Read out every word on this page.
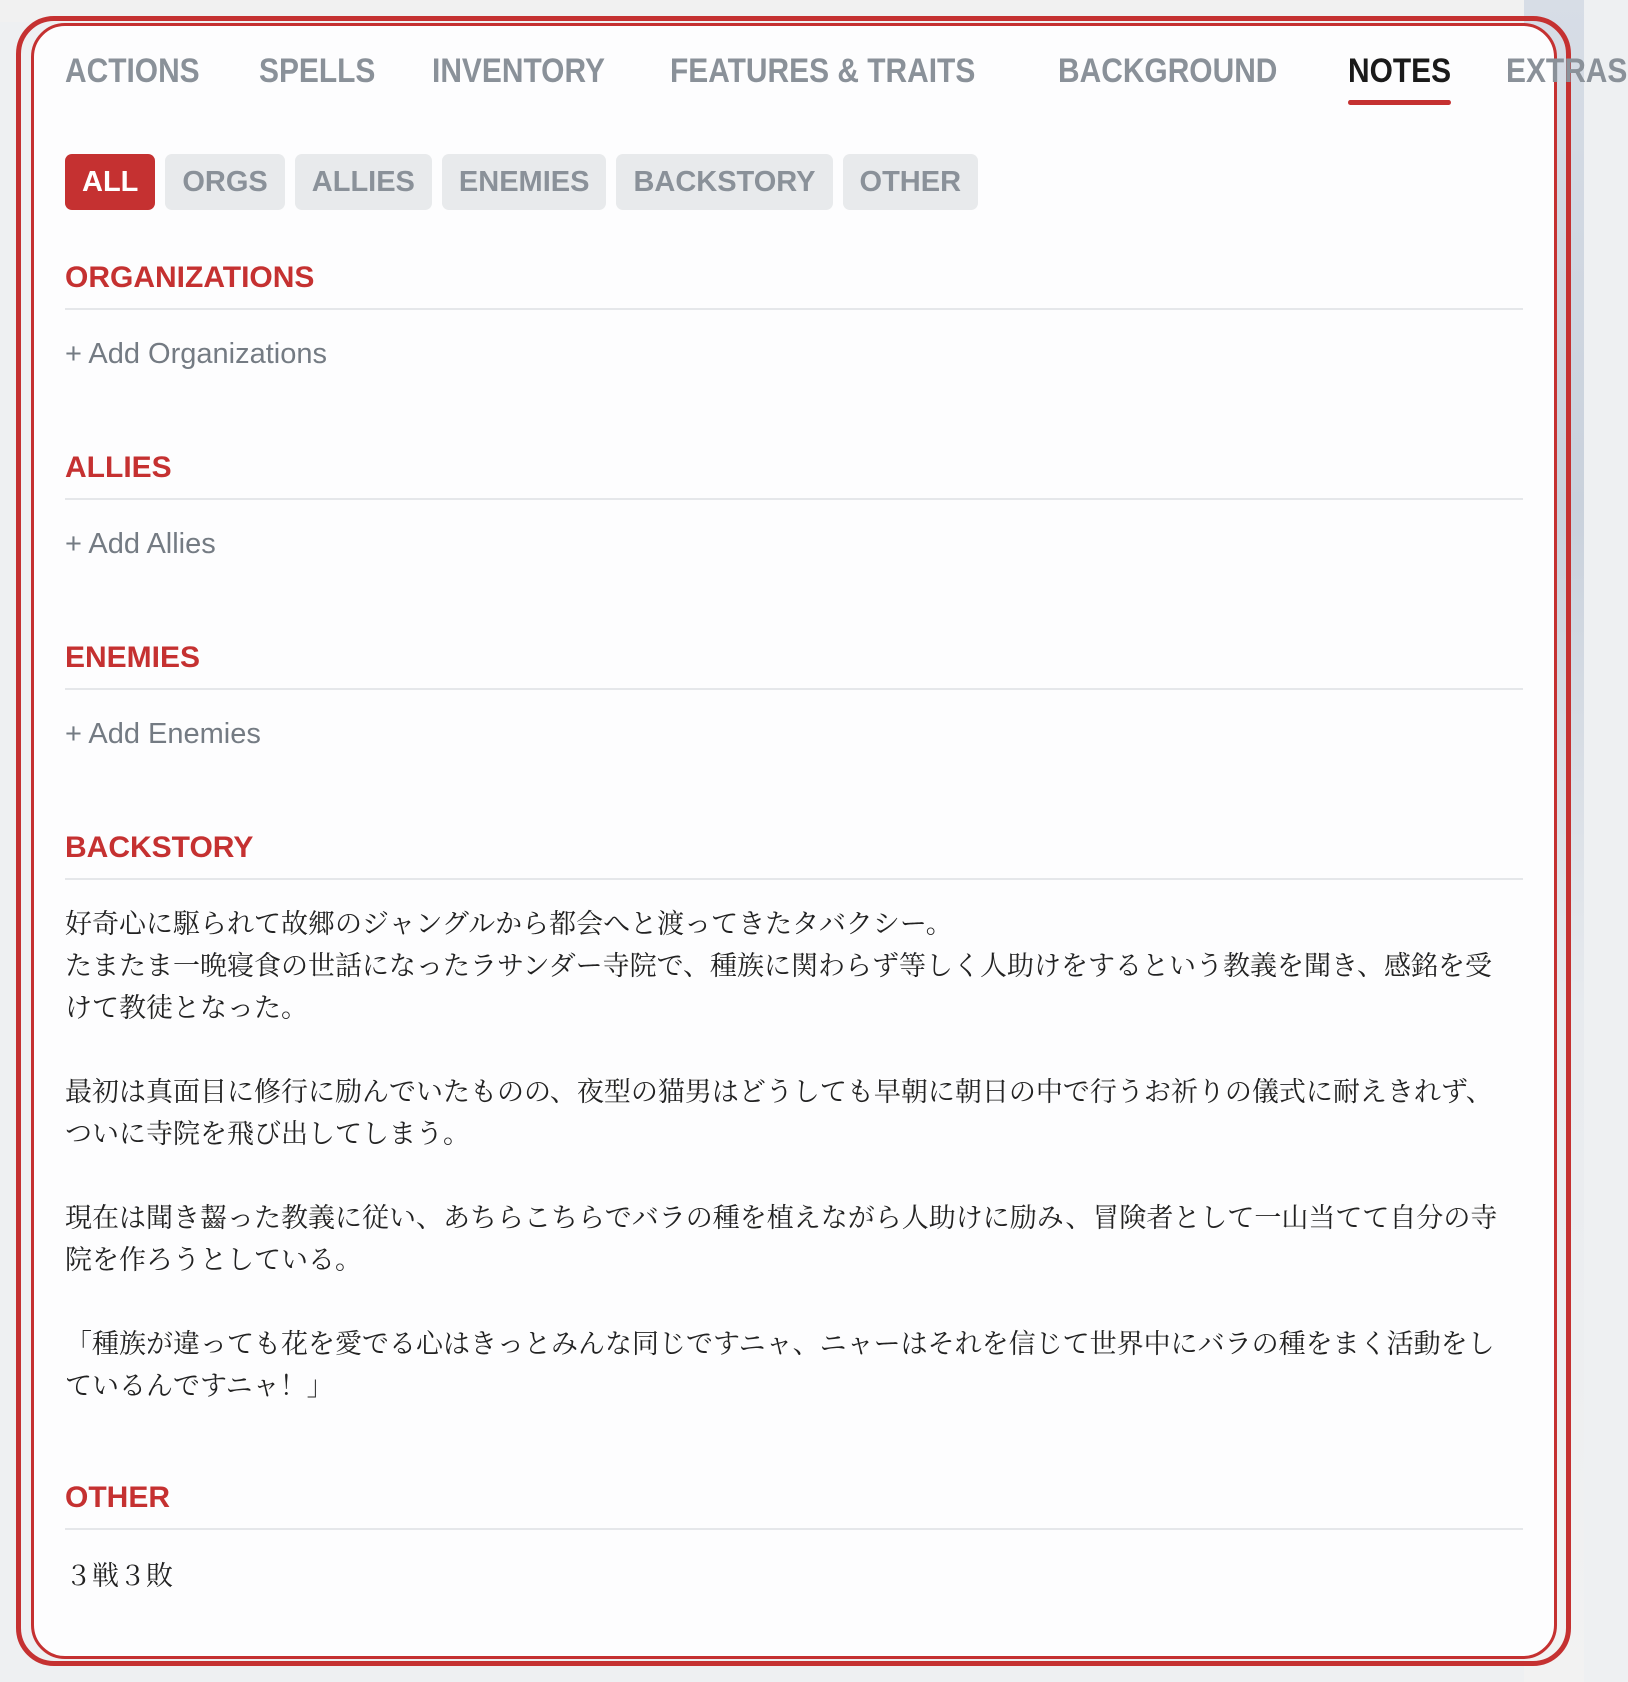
ACTIONS SPELLS INVENTORY FEATURES & TRAITS BACKGROUND NOTES EXTRAS
ALL	ORGS	ALLIES	ENEMIES	BACKSTORY	OTHER
ORGANIZATIONS
+ Add Organizations
ALLIES
+ Add Allies
ENEMIES
+ Add Enemies
BACKSTORY

好奇心に駆られて故郷のジャングルから都会へと渡ってきたタバクシー。
たまたま一晩寝食の世話になったラサンダー寺院で、種族に関わらず等しく人助けをするという教義を聞き、感銘を受けて教徒となった。

最初は真面目に修行に励んでいたものの、夜型の猫男はどうしても早朝に朝日の中で行うお祈りの儀式に耐えきれず、ついに寺院を飛び出してしまう。

現在は聞き齧った教義に従い、あちらこちらでバラの種を植えながら人助けに励み、冒険者として一山当てて自分の寺院を作ろうとしている。

「種族が違っても花を愛でる心はきっとみんな同じですニャ、ニャーはそれを信じて世界中にバラの種をまく活動をしているんですニャ！」

OTHER
３戦３敗
